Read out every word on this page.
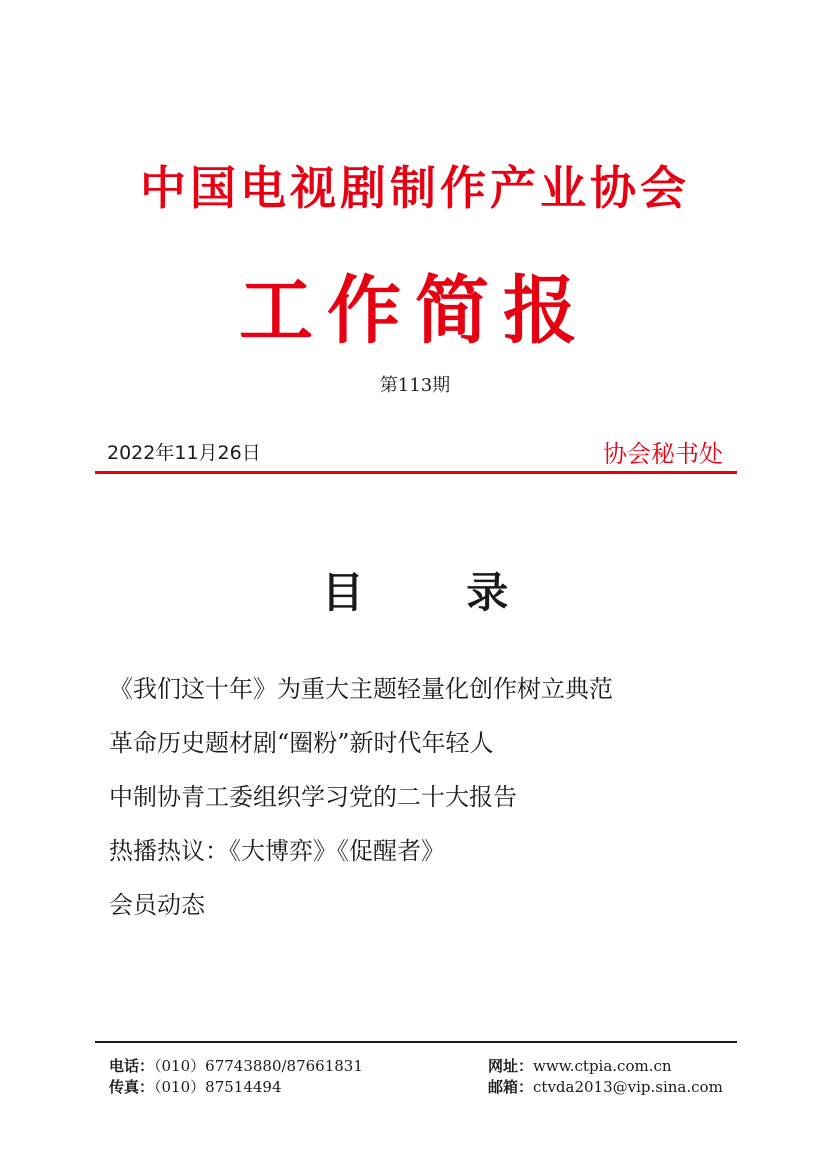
中国电视剧制作产业协会
工作简报
第113期
2022年11月26日	协会秘书处
目 录
《我们这十年》为重大主题轻量化创作树立典范
革命历史题材剧“圈粉”新时代年轻人
中制协青工委组织学习党的二十大报告
热播热议：《大博弈》《促醒者》
会员动态
电话：（010）67743880/87661831
传真：（010）87514494
网址：www.ctpia.com.cn
邮箱：ctvda2013@vip.sina.com
